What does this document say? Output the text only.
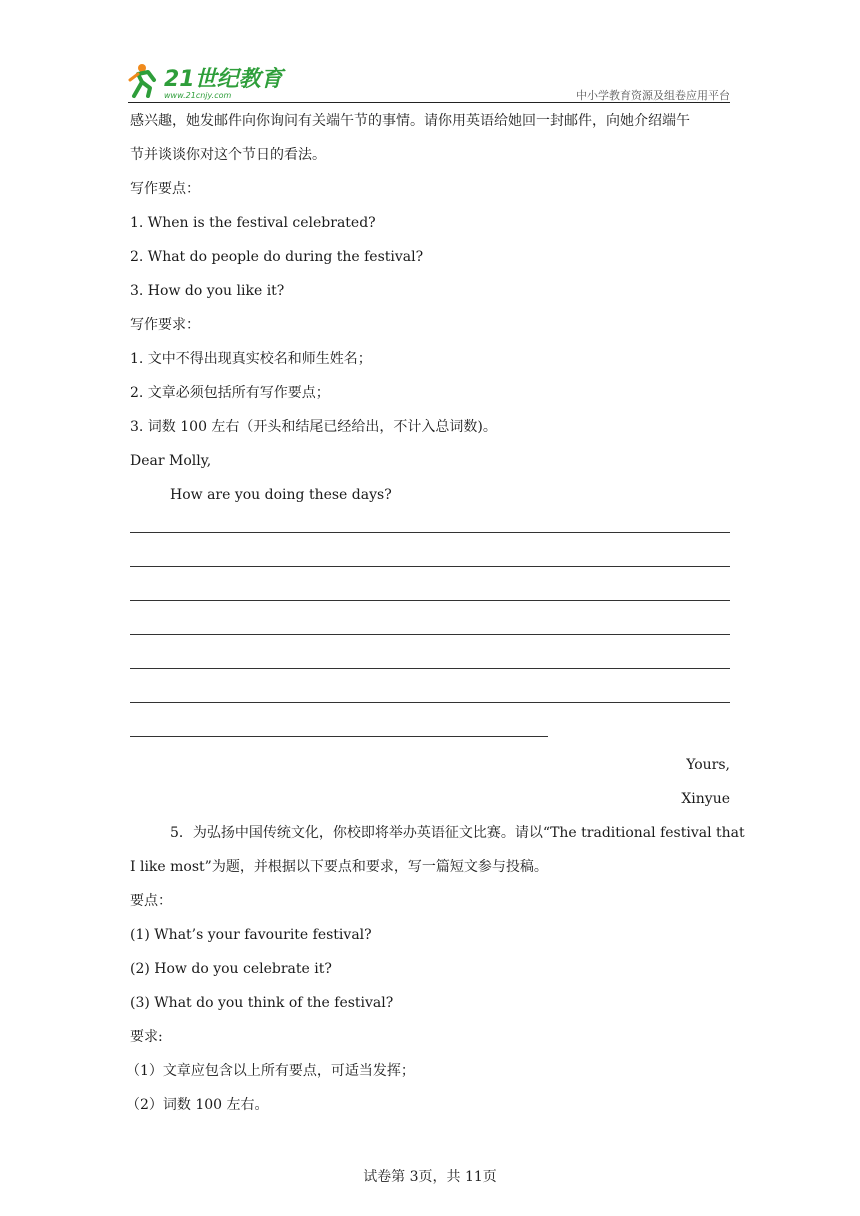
21世纪教育
www.21cnjy.com	中小学教育资源及组卷应用平台
感兴趣，她发邮件向你询问有关端午节的事情。请你用英语给她回一封邮件，向她介绍端午
节并谈谈你对这个节日的看法。
写作要点：
1. When is the festival celebrated?
2. What do people do during the festival?
3. How do you like it?
写作要求：
1. 文中不得出现真实校名和师生姓名；
2. 文章必须包括所有写作要点；
3. 词数 100 左右（开头和结尾已经给出，不计入总词数)。
Dear Molly,
How are you doing these days?
Yours,
Xinyue
5．为弘扬中国传统文化，你校即将举办英语征文比赛。请以“The traditional festival that
I like most”为题，并根据以下要点和要求，写一篇短文参与投稿。
要点：
(1) What’s your favourite festival?
(2) How do you celebrate it?
(3) What do you think of the festival?
要求:
（1）文章应包含以上所有要点，可适当发挥；
（2）词数 100 左右。
试卷第 3页，共 11页
